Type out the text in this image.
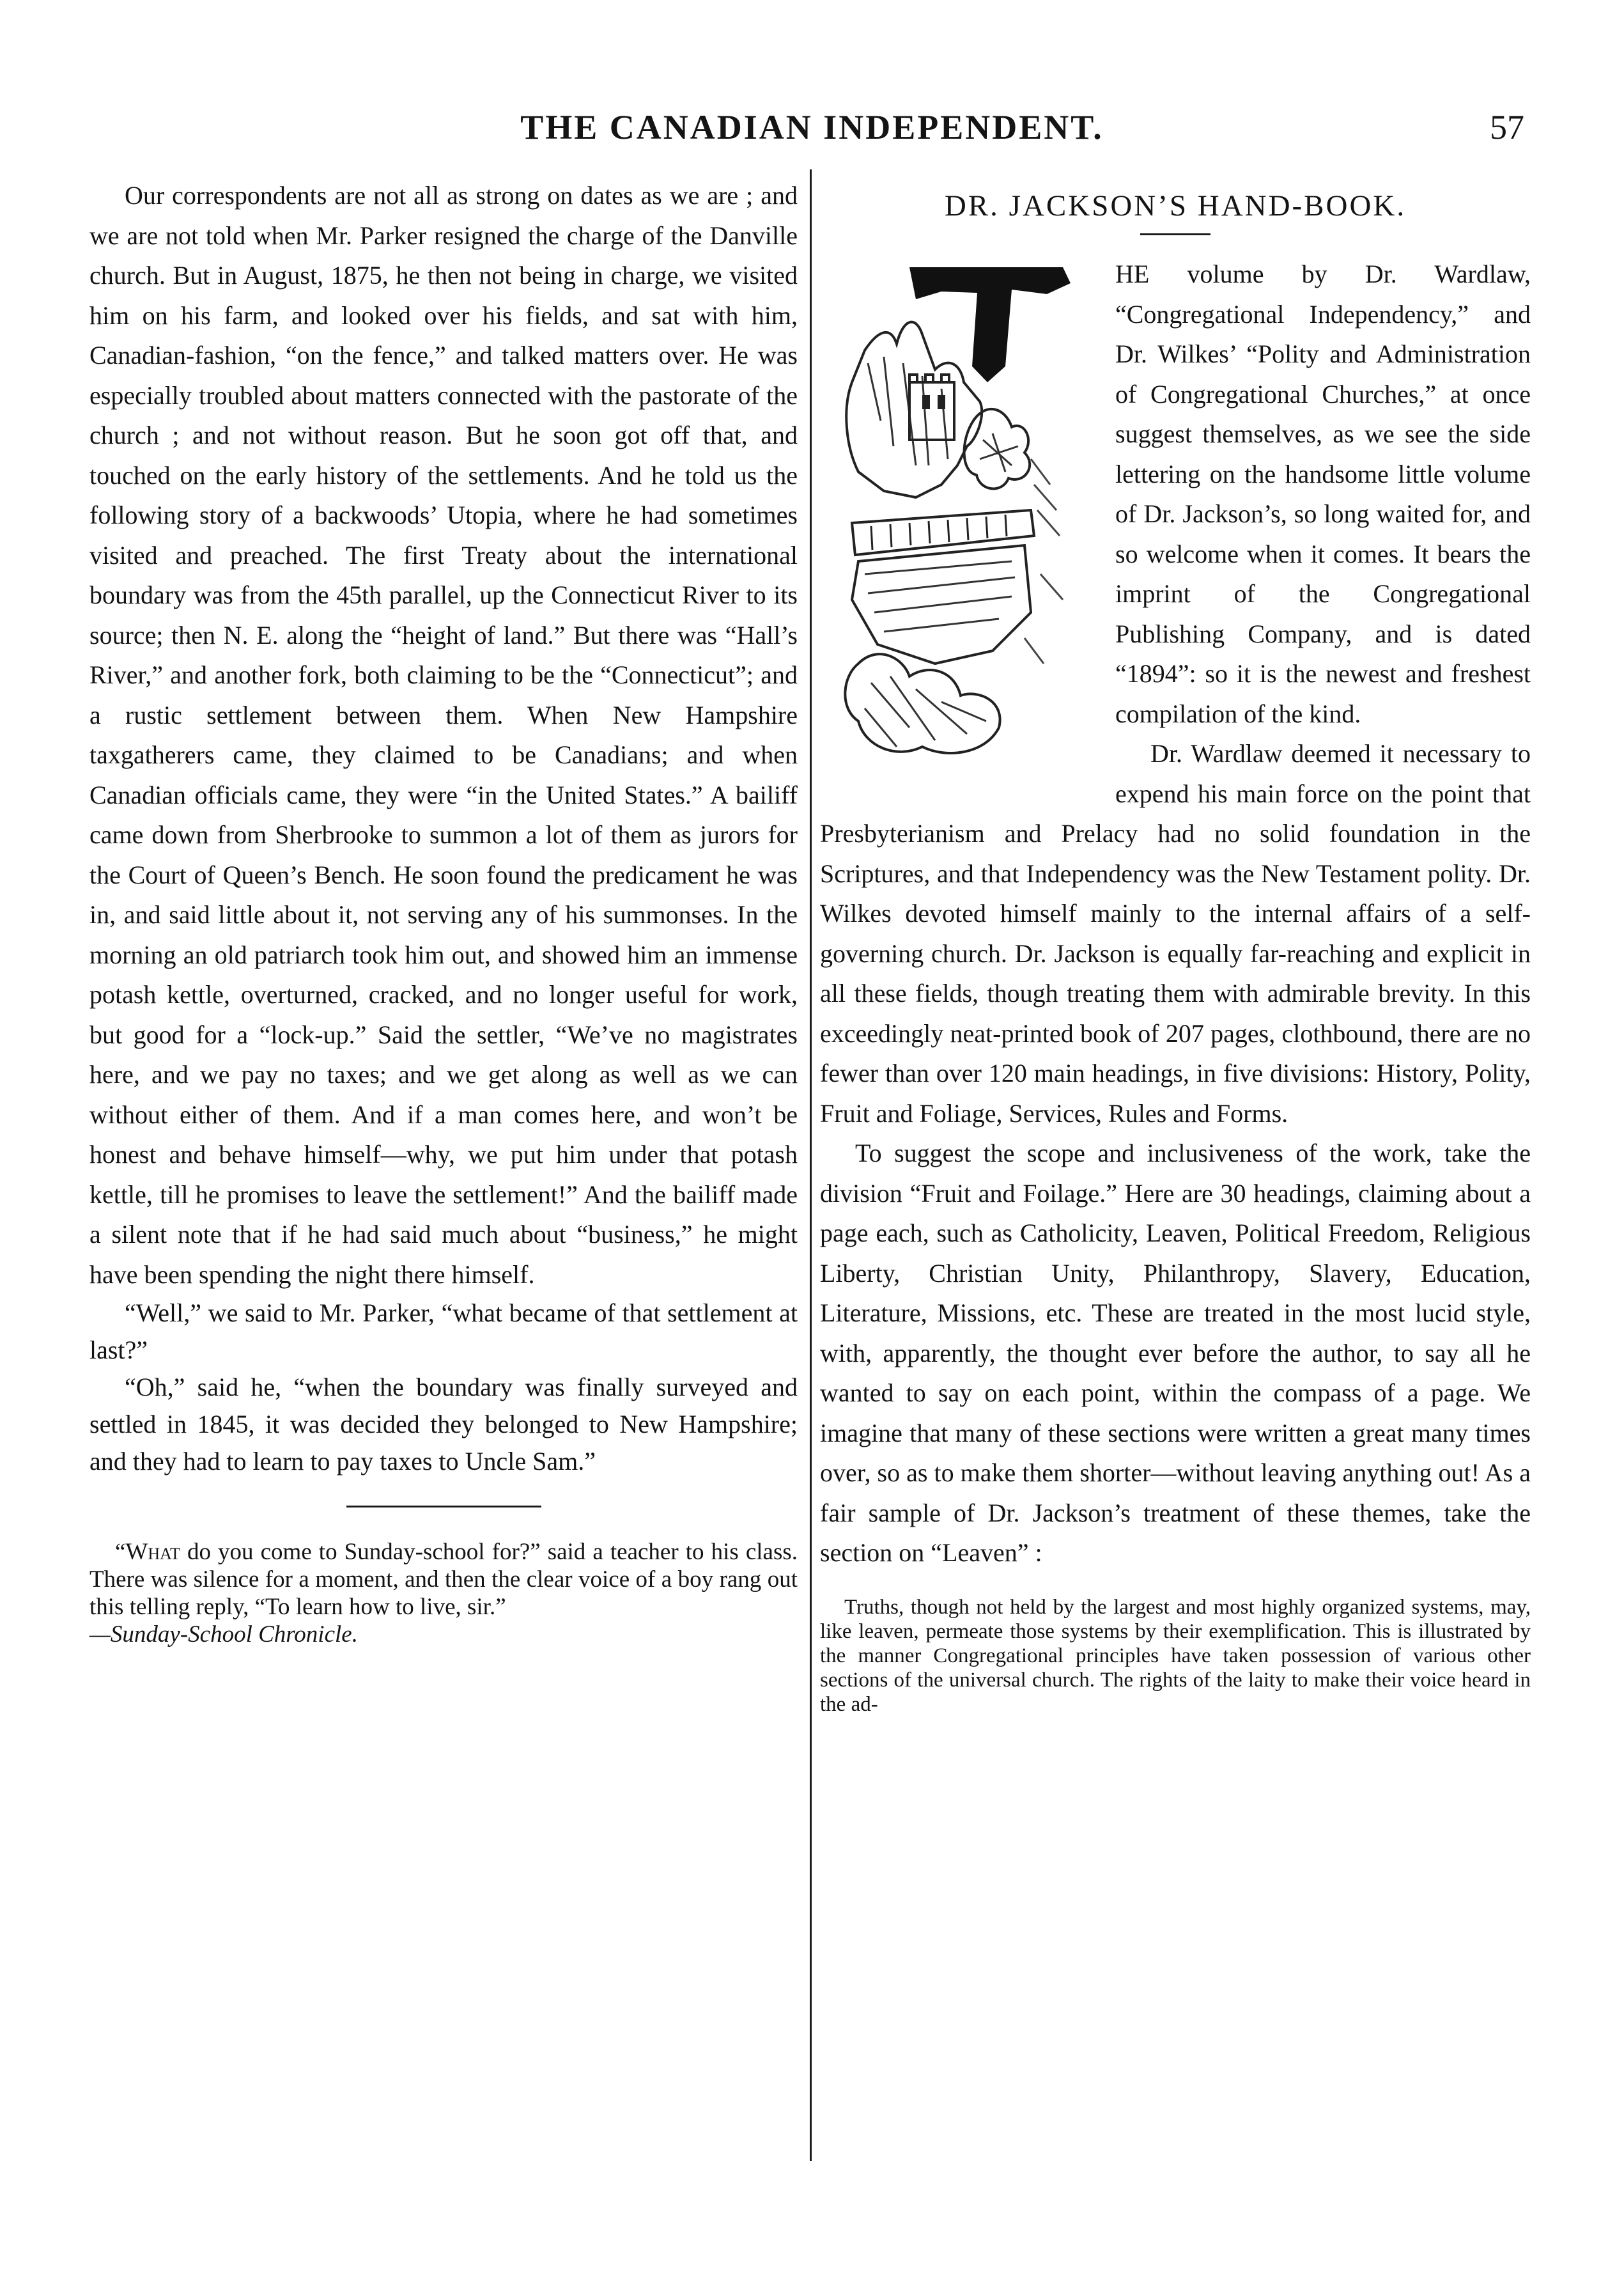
THE CANADIAN INDEPENDENT.	57

Our correspondents are not all as strong on dates as we are ; and we are not told when Mr. Parker resigned the charge of the Danville church. But in August, 1875, he then not being in charge, we visited him on his farm, and looked over his fields, and sat with him, Canadian-fashion, “on the fence,” and talked matters over. He was especially troubled about matters connected with the pastorate of the church ; and not without reason. But he soon got off that, and touched on the early history of the settlements. And he told us the following story of a backwoods’ Utopia, where he had sometimes visited and preached. The first Treaty about the international boundary was from the 45th parallel, up the Connecticut River to its source; then N. E. along the “height of land.” But there was “Hall’s River,” and another fork, both claiming to be the “Connecticut”; and a rustic settlement between them. When New Hampshire taxgatherers came, they claimed to be Canadians; and when Canadian officials came, they were “in the United States.” A bailiff came down from Sherbrooke to summon a lot of them as jurors for the Court of Queen’s Bench. He soon found the predicament he was in, and said little about it, not serving any of his summonses. In the morning an old patriarch took him out, and showed him an immense potash kettle, overturned, cracked, and no longer useful for work, but good for a “lock-up.” Said the settler, “We’ve no magistrates here, and we pay no taxes; and we get along as well as we can without either of them. And if a man comes here, and won’t be honest and behave himself—why, we put him under that potash kettle, till he promises to leave the settlement!” And the bailiff made a silent note that if he had said much about “business,” he might have been spending the night there himself.

“Well,” we said to Mr. Parker, “what became of that settlement at last?”

“Oh,” said he, “when the boundary was finally surveyed and settled in 1845, it was decided they belonged to New Hampshire; and they had to learn to pay taxes to Uncle Sam.”

“What do you come to Sunday-school for?” said a teacher to his class. There was silence for a moment, and then the clear voice of a boy rang out this telling reply, “To learn how to live, sir.”

—Sunday-School Chronicle.

DR. JACKSON’S HAND-BOOK.

HE volume by Dr. Wardlaw, “Congregational Independency,” and Dr. Wilkes’ “Polity and Administration of Congregational Churches,” at once suggest themselves, as we see the side lettering on the handsome little volume of Dr. Jackson’s, so long waited for, and so welcome when it comes. It bears the imprint of the Congregational Publishing Company, and is dated “1894”: so it is the newest and freshest compilation of the kind.

Dr. Wardlaw deemed it necessary to expend his main force on the point that Presbyterianism and Prelacy had no solid foundation in the Scriptures, and that Independency was the New Testament polity. Dr. Wilkes devoted himself mainly to the internal affairs of a self-governing church. Dr. Jackson is equally far-reaching and explicit in all these fields, though treating them with admirable brevity. In this exceedingly neat-printed book of 207 pages, clothbound, there are no fewer than over 120 main headings, in five divisions: History, Polity, Fruit and Foliage, Services, Rules and Forms.

To suggest the scope and inclusiveness of the work, take the division “Fruit and Foilage.” Here are 30 headings, claiming about a page each, such as Catholicity, Leaven, Political Freedom, Religious Liberty, Christian Unity, Philanthropy, Slavery, Education, Literature, Missions, etc. These are treated in the most lucid style, with, apparently, the thought ever before the author, to say all he wanted to say on each point, within the compass of a page. We imagine that many of these sections were written a great many times over, so as to make them shorter—without leaving anything out! As a fair sample of Dr. Jackson’s treatment of these themes, take the section on “Leaven” :

Truths, though not held by the largest and most highly organized systems, may, like leaven, permeate those systems by their exemplification. This is illustrated by the manner Congregational principles have taken possession of various other sections of the universal church. The rights of the laity to make their voice heard in the ad-
